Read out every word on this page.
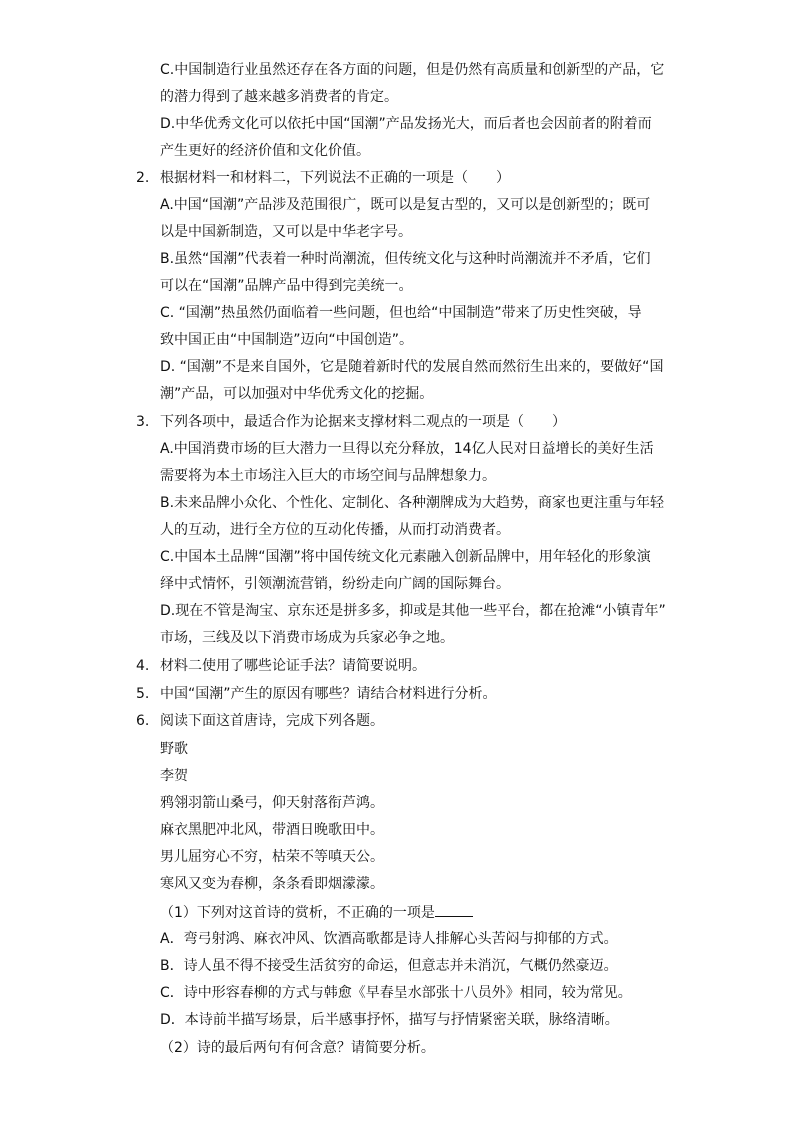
C.中国制造行业虽然还存在各方面的问题，但是仍然有高质量和创新型的产品，它
的潜力得到了越来越多消费者的肯定。
D.中华优秀文化可以依托中国“国潮”产品发扬光大，而后者也会因前者的附着而
产生更好的经济价值和文化价值。
2. 根据材料一和材料二，下列说法不正确的一项是（　　）
A.中国“国潮”产品涉及范围很广，既可以是复古型的，又可以是创新型的；既可
以是中国新制造，又可以是中华老字号。
B.虽然“国潮”代表着一种时尚潮流，但传统文化与这种时尚潮流并不矛盾，它们
可以在“国潮”品牌产品中得到完美统一。
C. “国潮”热虽然仍面临着一些问题，但也给“中国制造”带来了历史性突破，导
致中国正由“中国制造”迈向“中国创造”。
D. “国潮”不是来自国外，它是随着新时代的发展自然而然衍生出来的，要做好“国
潮”产品，可以加强对中华优秀文化的挖掘。
3. 下列各项中，最适合作为论据来支撑材料二观点的一项是（　　）
A.中国消费市场的巨大潜力一旦得以充分释放，14亿人民对日益增长的美好生活
需要将为本土市场注入巨大的市场空间与品牌想象力。
B.未来品牌小众化、个性化、定制化、各种潮牌成为大趋势，商家也更注重与年轻
人的互动，进行全方位的互动化传播，从而打动消费者。
C.中国本土品牌“国潮”将中国传统文化元素融入创新品牌中，用年轻化的形象演
绎中式情怀，引领潮流营销，纷纷走向广阔的国际舞台。
D.现在不管是淘宝、京东还是拼多多，抑或是其他一些平台，都在抢滩“小镇青年”
市场，三线及以下消费市场成为兵家必争之地。
4. 材料二使用了哪些论证手法？请简要说明。
5. 中国“国潮”产生的原因有哪些？请结合材料进行分析。
6. 阅读下面这首唐诗，完成下列各题。
野歌
李贺
鸦翎羽箭山桑弓，仰天射落衔芦鸿。
麻衣黑肥冲北风，带酒日晚歌田中。
男儿屈穷心不穷，枯荣不等嗔天公。
寒风又变为春柳，条条看即烟濛濛。
（1）下列对这首诗的赏析，不正确的一项是
A．弯弓射鸿、麻衣冲风、饮酒高歌都是诗人排解心头苦闷与抑郁的方式。
B．诗人虽不得不接受生活贫穷的命运，但意志并未消沉，气概仍然豪迈。
C．诗中形容春柳的方式与韩愈《早春呈水部张十八员外》相同，较为常见。
D．本诗前半描写场景，后半感事抒怀，描写与抒情紧密关联，脉络清晰。
（2）诗的最后两句有何含意？请简要分析。
